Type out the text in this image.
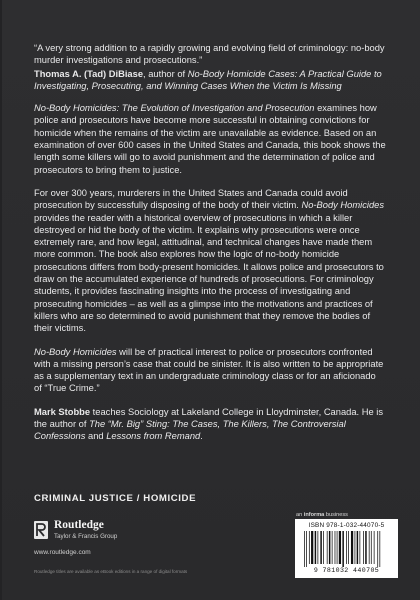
“A very strong addition to a rapidly growing and evolving field of criminology: no-body murder investigations and prosecutions.”

Thomas A. (Tad) DiBiase, author of No-Body Homicide Cases: A Practical Guide to Investigating, Prosecuting, and Winning Cases When the Victim Is Missing

No-Body Homicides: The Evolution of Investigation and Prosecution examines how police and prosecutors have become more successful in obtaining convictions for homicide when the remains of the victim are unavailable as evidence. Based on an examination of over 600 cases in the United States and Canada, this book shows the length some killers will go to avoid punishment and the determination of police and prosecutors to bring them to justice.

For over 300 years, murderers in the United States and Canada could avoid prosecution by successfully disposing of the body of their victim. No-Body Homicides provides the reader with a historical overview of prosecutions in which a killer destroyed or hid the body of the victim. It explains why prosecutions were once extremely rare, and how legal, attitudinal, and technical changes have made them more common. The book also explores how the logic of no-body homicide prosecutions differs from body-present homicides. It allows police and prosecutors to draw on the accumulated experience of hundreds of prosecutions. For criminology students, it provides fascinating insights into the process of investigating and prosecuting homicides – as well as a glimpse into the motivations and practices of killers who are so determined to avoid punishment that they remove the bodies of their victims.

No-Body Homicides will be of practical interest to police or prosecutors confronted with a missing person’s case that could be sinister. It is also written to be appropriate as a supplementary text in an undergraduate criminology class or for an aficionado of “True Crime.”

Mark Stobbe teaches Sociology at Lakeland College in Lloydminster, Canada. He is the author of The “Mr. Big” Sting: The Cases, The Killers, The Controversial Confessions and Lessons from Remand.

CRIMINAL JUSTICE / HOMICIDE
Routledge
Taylor & Francis Group
www.routledge.com
Routledge titles are available as eBook editions in a range of digital formats
an informa business
ISBN 978-1-032-44070-5
9 781032 440705
